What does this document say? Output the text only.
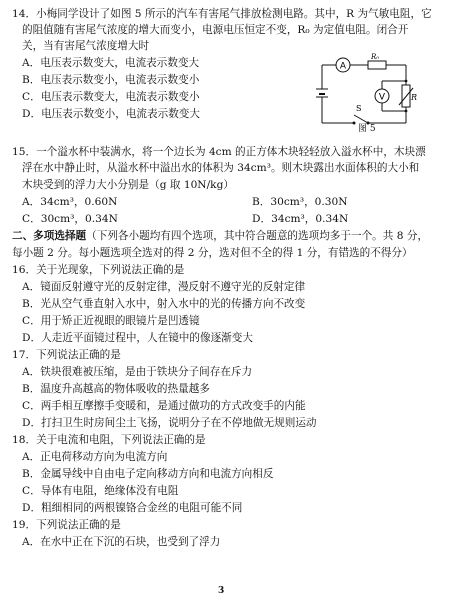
14．小梅同学设计了如图 5 所示的汽车有害尾气排放检测电路。其中，R 为气敏电阻，它
的阻值随有害尾气浓度的增大而变小，电源电压恒定不变，R₀ 为定值电阻。闭合开
关，当有害尾气浓度增大时
A．电压表示数变大，电流表示数变大
B．电压表示数变小，电流表示数变小
C．电压表示数变大，电流表示数变小
D．电压表示数变小，电流表示数变大
A
V
R₀
R
S
图 5
15．一个溢水杯中装满水，将一个边长为 4cm 的正方体木块轻轻放入溢水杯中，木块漂
浮在水中静止时，从溢水杯中溢出水的体积为 34cm³。则木块露出水面体积的大小和
木块受到的浮力大小分别是（g 取 10N/kg）
A．34cm³，0.60N	B．30cm³，0.30N
C．30cm³，0.34N	D．34cm³，0.34N
二、多项选择题（下列各小题均有四个选项，其中符合题意的选项均多于一个。共 8 分，
每小题 2 分。每小题选项全选对的得 2 分，选对但不全的得 1 分，有错选的不得分）
16．关于光现象，下列说法正确的是
A．镜面反射遵守光的反射定律，漫反射不遵守光的反射定律
B．光从空气垂直射入水中，射入水中的光的传播方向不改变
C．用于矫正近视眼的眼镜片是凹透镜
D．人走近平面镜过程中，人在镜中的像逐渐变大
17．下列说法正确的是
A．铁块很难被压缩，是由于铁块分子间存在斥力
B．温度升高越高的物体吸收的热量越多
C．两手相互摩擦手变暖和，是通过做功的方式改变手的内能
D．打扫卫生时房间尘土飞扬，说明分子在不停地做无规则运动
18．关于电流和电阻，下列说法正确的是
A．正电荷移动方向为电流方向
B．金属导线中自由电子定向移动方向和电流方向相反
C．导体有电阻，绝缘体没有电阻
D．粗细相同的两根镍铬合金丝的电阻可能不同
19．下列说法正确的是
A．在水中正在下沉的石块，也受到了浮力
3
